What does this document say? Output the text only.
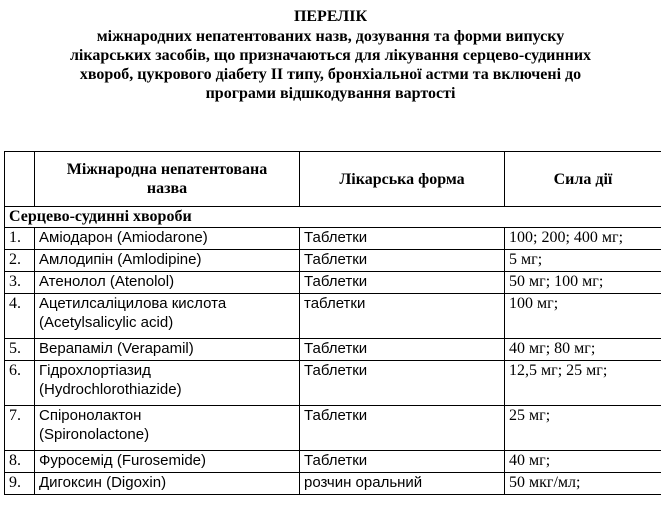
ПЕРЕЛІК
міжнародних непатентованих назв, дозування та форми випуску
лікарських засобів, що призначаються для лікування серцево-судинних
хвороб, цукрового діабету II типу, бронхіальної астми та включені до
програми відшкодування вартості
	Міжнародна непатентована
назва	Лікарська форма	Сила дії
Серцево-судинні хвороби			
1.	Аміодарон (Amiodarone)	Таблетки	100; 200; 400 мг;
2.	Амлодипін (Amlodipine)	Таблетки	5 мг;
3.	Атенолол (Atenolol)	Таблетки	50 мг; 100 мг;
4.	Ацетилсаліцилова кислота
(Acetylsalicylic acid)	таблетки	100 мг;
5.	Верапаміл (Verapamil)	Таблетки	40 мг; 80 мг;
6.	Гідрохлортіазид
(Hydrochlorothiazide)	Таблетки	12,5 мг; 25 мг;
7.	Спіронолактон
(Spironolactone)	Таблетки	25 мг;
8.	Фуросемід (Furosemide)	Таблетки	40 мг;
9.	Дигоксин (Digoxin)	розчин оральний	50 мкг/мл;
